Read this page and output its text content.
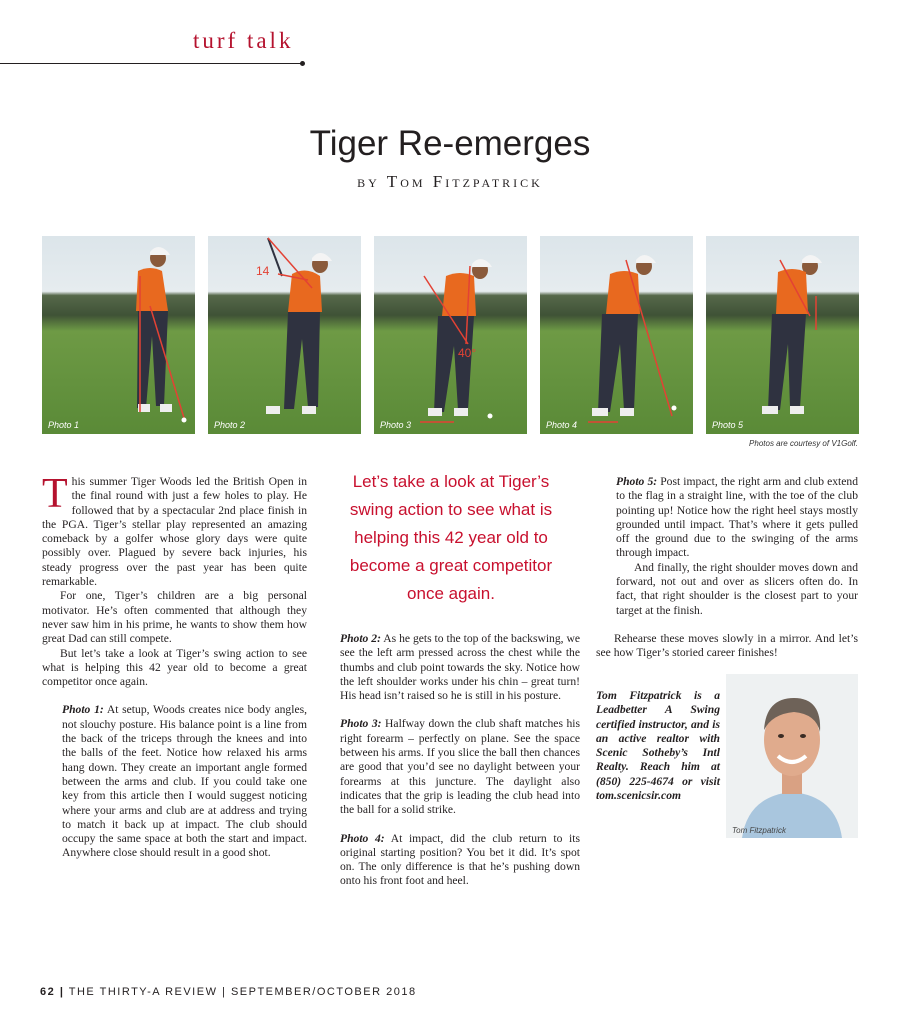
turf talk
Tiger Re-emerges
BY TOM FITZPATRICK
Photo 1
14
Photo 2
40°
Photo 3	Photo 4	Photo 5
Photos are courtesy of V1Golf.

T his summer Tiger Woods led the British Open in the final round with just a few holes to play. He followed that by a spectacular 2nd place finish in the PGA. Tiger’s stellar play represented an amazing comeback by a golfer whose glory days were quite possibly over. Plagued by severe back injuries, his steady progress over the past year has been quite remarkable.

For one, Tiger’s children are a big personal motivator. He’s often commented that although they never saw him in his prime, he wants to show them how great Dad can still compete.

But let’s take a look at Tiger’s swing action to see what is helping this 42 year old to become a great competitor once again.

Photo 1: At setup, Woods creates nice body angles, not slouchy posture. His balance point is a line from the back of the triceps through the knees and into the balls of the feet. Notice how relaxed his arms hang down. They create an important angle formed between the arms and club. If you could take one key from this article then I would suggest noticing where your arms and club are at address and trying to match it back up at impact. The club should occupy the same space at both the start and impact. Anywhere close should result in a good shot.

Let’s take a look at Tiger’s swing action to see what is helping this 42 year old to become a great competitor once again.

Photo 2: As he gets to the top of the backswing, we see the left arm pressed across the chest while the thumbs and club point towards the sky. Notice how the left shoulder works under his chin – great turn! His head isn’t raised so he is still in his posture.

Photo 3: Halfway down the club shaft matches his right forearm – perfectly on plane. See the space between his arms. If you slice the ball then chances are good that you’d see no daylight between your forearms at this juncture. The daylight also indicates that the grip is leading the club head into the ball for a solid strike.

Photo 4: At impact, did the club return to its original starting position? You bet it did. It’s spot on. The only difference is that he’s pushing down onto his front foot and heel.

Photo 5: Post impact, the right arm and club extend to the flag in a straight line, with the toe of the club pointing up! Notice how the right heel stays mostly grounded until impact. That’s where it gets pulled off the ground due to the swinging of the arms through impact.

And finally, the right shoulder moves down and forward, not out and over as slicers often do. In fact, that right shoulder is the closest part to your target at the finish.

Rehearse these moves slowly in a mirror. And let’s see how Tiger’s storied career finishes!

Tom Fitzpatrick is a Leadbetter A Swing certified instructor, and is an active realtor with Scenic Sotheby’s Intl Realty. Reach him at (850) 225-4674 or visit tom.scenicsir.com
Tom Fitzpatrick
62 | THE THIRTY-A REVIEW | SEPTEMBER/OCTOBER 2018
